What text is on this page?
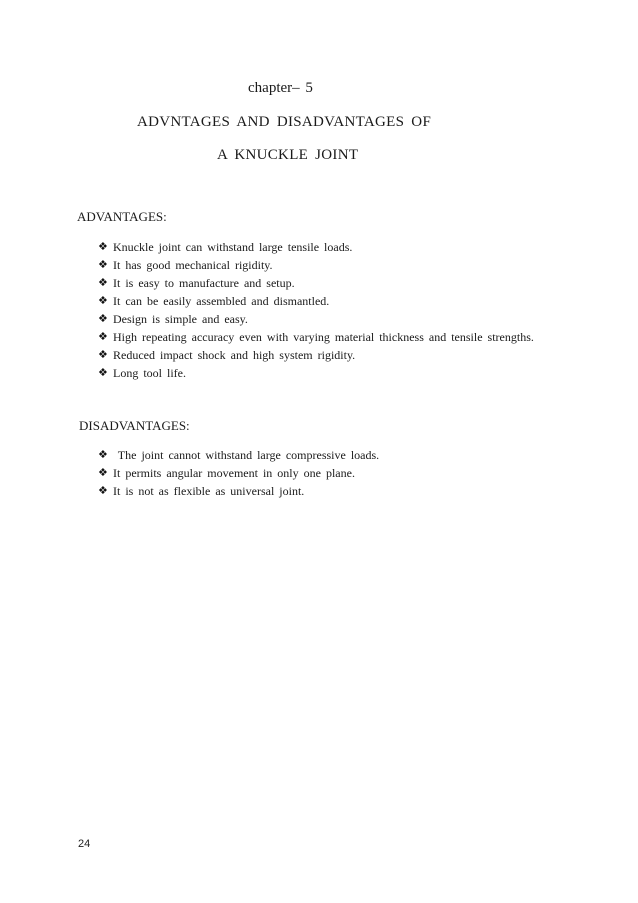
chapter– 5
ADVNTAGES AND DISADVANTAGES OF
A KNUCKLE JOINT
ADVANTAGES:
❖ Knuckle joint can withstand large tensile loads.
❖ It has good mechanical rigidity.
❖ It is easy to manufacture and setup.
❖ It can be easily assembled and dismantled.
❖ Design is simple and easy.
❖ High repeating accuracy even with varying material thickness and tensile strengths.
❖ Reduced impact shock and high system rigidity.
❖ Long tool life.
DISADVANTAGES:
❖ The joint cannot withstand large compressive loads.
❖ It permits angular movement in only one plane.
❖ It is not as flexible as universal joint.
24
